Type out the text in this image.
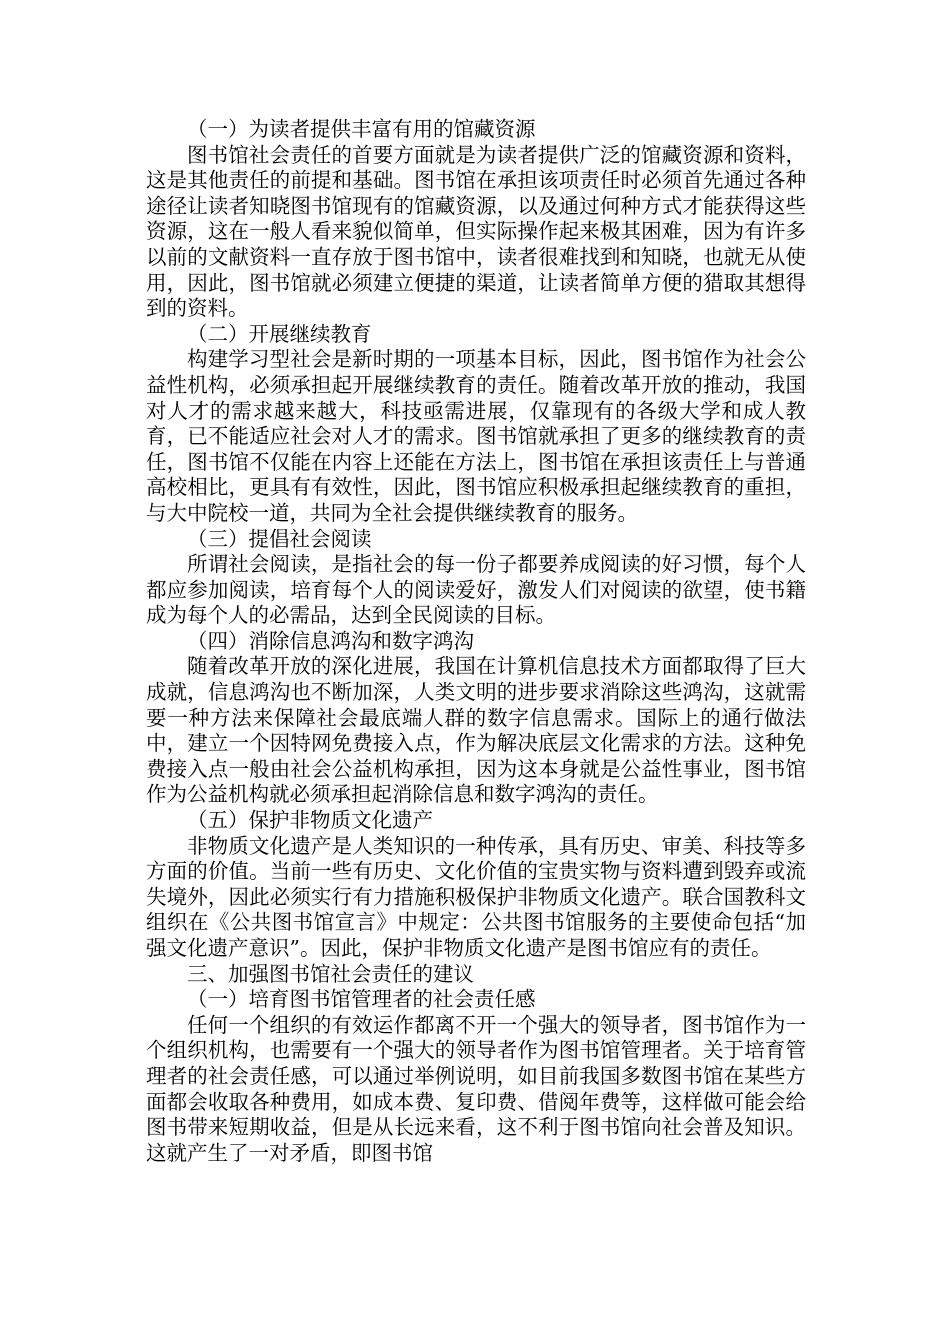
（一）为读者提供丰富有用的馆藏资源

图书馆社会责任的首要方面就是为读者提供广泛的馆藏资源和资料，这是其他责任的前提和基础。图书馆在承担该项责任时必须首先通过各种途径让读者知晓图书馆现有的馆藏资源，以及通过何种方式才能获得这些资源，这在一般人看来貌似简单，但实际操作起来极其困难，因为有许多以前的文献资料一直存放于图书馆中，读者很难找到和知晓，也就无从使用，因此，图书馆就必须建立便捷的渠道，让读者简单方便的猎取其想得到的资料。

（二）开展继续教育

构建学习型社会是新时期的一项基本目标，因此，图书馆作为社会公益性机构，必须承担起开展继续教育的责任。随着改革开放的推动，我国对人才的需求越来越大，科技亟需进展，仅靠现有的各级大学和成人教育，已不能适应社会对人才的需求。图书馆就承担了更多的继续教育的责任，图书馆不仅能在内容上还能在方法上，图书馆在承担该责任上与普通高校相比，更具有有效性，因此，图书馆应积极承担起继续教育的重担，与大中院校一道，共同为全社会提供继续教育的服务。

（三）提倡社会阅读

所谓社会阅读，是指社会的每一份子都要养成阅读的好习惯，每个人都应参加阅读，培育每个人的阅读爱好，激发人们对阅读的欲望，使书籍成为每个人的必需品，达到全民阅读的目标。

（四）消除信息鸿沟和数字鸿沟

随着改革开放的深化进展，我国在计算机信息技术方面都取得了巨大成就，信息鸿沟也不断加深，人类文明的进步要求消除这些鸿沟，这就需要一种方法来保障社会最底端人群的数字信息需求。国际上的通行做法中，建立一个因特网免费接入点，作为解决底层文化需求的方法。这种免费接入点一般由社会公益机构承担，因为这本身就是公益性事业，图书馆作为公益机构就必须承担起消除信息和数字鸿沟的责任。

（五）保护非物质文化遗产

非物质文化遗产是人类知识的一种传承，具有历史、审美、科技等多方面的价值。当前一些有历史、文化价值的宝贵实物与资料遭到毁弃或流失境外，因此必须实行有力措施积极保护非物质文化遗产。联合国教科文组织在《公共图书馆宣言》中规定：公共图书馆服务的主要使命包括“加强文化遗产意识”。因此，保护非物质文化遗产是图书馆应有的责任。

三、加强图书馆社会责任的建议

（一）培育图书馆管理者的社会责任感

任何一个组织的有效运作都离不开一个强大的领导者，图书馆作为一个组织机构，也需要有一个强大的领导者作为图书馆管理者。关于培育管理者的社会责任感，可以通过举例说明，如目前我国多数图书馆在某些方面都会收取各种费用，如成本费、复印费、借阅年费等，这样做可能会给图书带来短期收益，但是从长远来看，这不利于图书馆向社会普及知识。这就产生了一对矛盾，即图书馆
